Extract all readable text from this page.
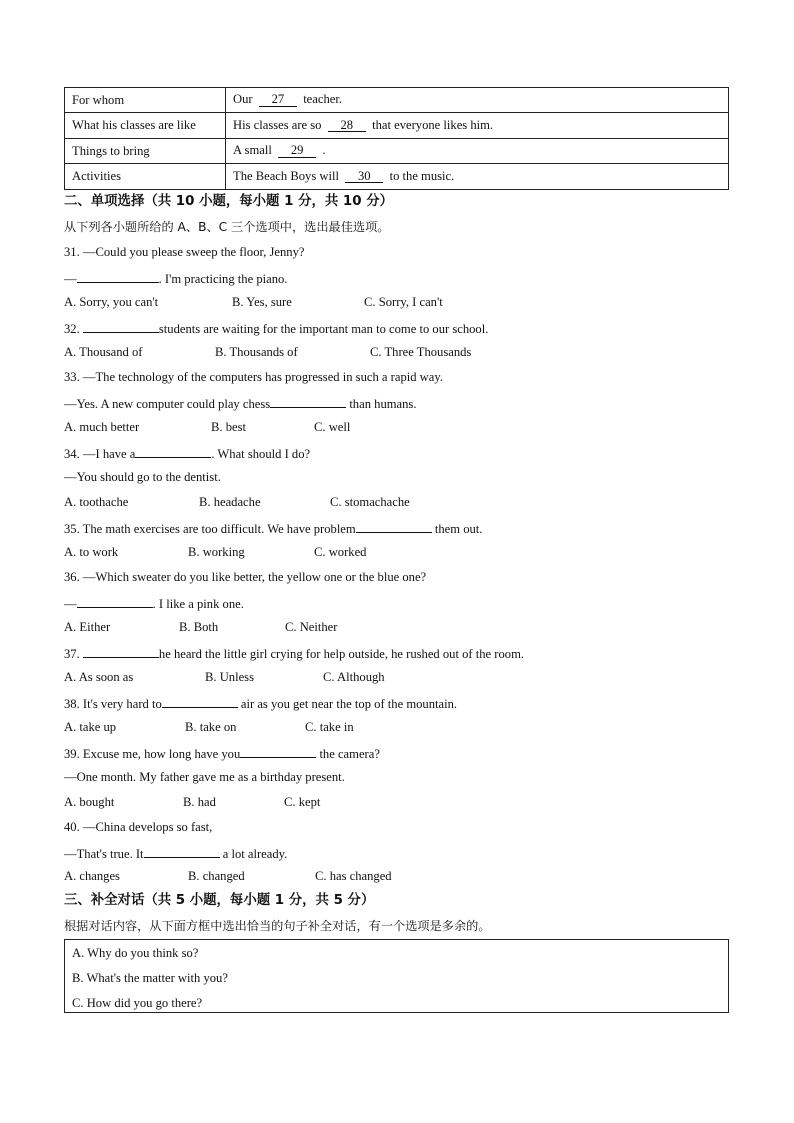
For whom	Our 27 teacher.
What his classes are like	His classes are so 28 that everyone likes him.
Things to bring	A small 29 .
Activities	The Beach Boys will 30 to the music.
二、单项选择（共 10 小题，每小题 1 分，共 10 分）
从下列各小题所给的 A、B、C 三个选项中，选出最佳选项。
31. —Could you please sweep the floor, Jenny?
—	. I'm practicing the piano.
A. Sorry, you can't	B. Yes, sure	C. Sorry, I can't
32.	students are waiting for the important man to come to our school.
A. Thousand of	B. Thousands of	C. Three Thousands
33. —The technology of the computers has progressed in such a rapid way.
—Yes. A new computer could play chess	than humans.
A. much better	B. best	C. well
34. —I have a	. What should I do?
—You should go to the dentist.
A. toothache	B. headache	C. stomachache
35. The math exercises are too difficult. We have problem	them out.
A. to work	B. working	C. worked
36. —Which sweater do you like better, the yellow one or the blue one?
—	. I like a pink one.
A. Either	B. Both	C. Neither
37.	he heard the little girl crying for help outside, he rushed out of the room.
A. As soon as	B. Unless	C. Although
38. It's very hard to	air as you get near the top of the mountain.
A. take up	B. take on	C. take in
39. Excuse me, how long have you	the camera?
—One month. My father gave me as a birthday present.
A. bought	B. had	C. kept
40. —China develops so fast,
—That's true. It	a lot already.
A. changes	B. changed	C. has changed
三、补全对话（共 5 小题，每小题 1 分，共 5 分）
根据对话内容，从下面方框中选出恰当的句子补全对话，有一个选项是多余的。
A. Why do you think so?
B. What's the matter with you?
C. How did you go there?
